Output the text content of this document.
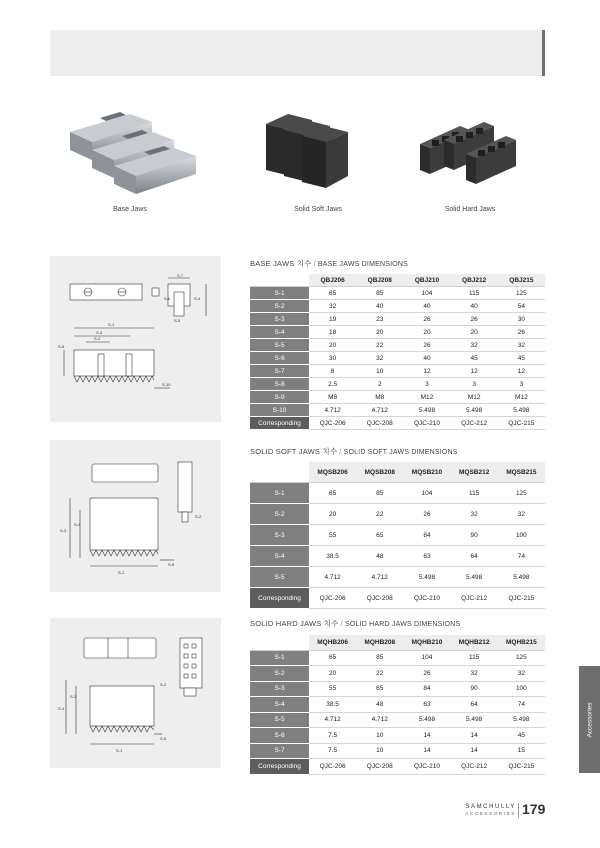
Base Jaws	Solid Soft Jaws	Solid Hard Jaws
S-7
S-4
S-6
S-5
S-1
S-3
S-2
S-8
S-10
S-3
S-4
S-1
S-5
S-2
S-4
S-3
S-2
S-1
S-5
BASE JAWS 치수 / BASE JAWS DIMENSIONS
	QBJ206	QBJ208	QBJ210	QBJ212	QBJ215
S-1	65	85	104	115	125
S-2	32	40	40	40	54
S-3	19	23	26	26	30
S-4	18	20	20	20	26
S-5	20	22	26	32	32
S-6	30	32	40	45	45
S-7	8	10	12	12	12
S-8	2.5	2	3	3	3
S-9	M8	M8	M12	M12	M12
S-10	4.712	4.712	5.498	5.498	5.498
Corresponding	QJC-206	QJC-208	QJC-210	QJC-212	QJC-215
SOLID SOFT JAWS 치수 / SOLID SOFT JAWS DIMENSIONS
	MQSB206	MQSB208	MQSB210	MQSB212	MQSB215
S-1	65	85	104	115	125
S-2	20	22	26	32	32
S-3	55	65	84	90	100
S-4	38.5	48	63	64	74
S-5	4.712	4.712	5.498	5.498	5.498
Corresponding	QJC-206	QJC-208	QJC-210	QJC-212	QJC-215
SOLID HARD JAWS 치수 / SOLID HARD JAWS DIMENSIONS
	MQHB206	MQHB208	MQHB210	MQHB212	MQHB215
S-1	65	85	104	115	125
S-2	20	22	26	32	32
S-3	55	65	84	90	100
S-4	38.5	48	63	64	74
S-5	4.712	4.712	5.498	5.498	5.498
S-6	7.5	10	14	14	45
S-7	7.5	10	14	14	15
Corresponding	QJC-206	QJC-208	QJC-210	QJC-212	QJC-215
Accessories
SAMCHULLY
ACCESSORIES 179
